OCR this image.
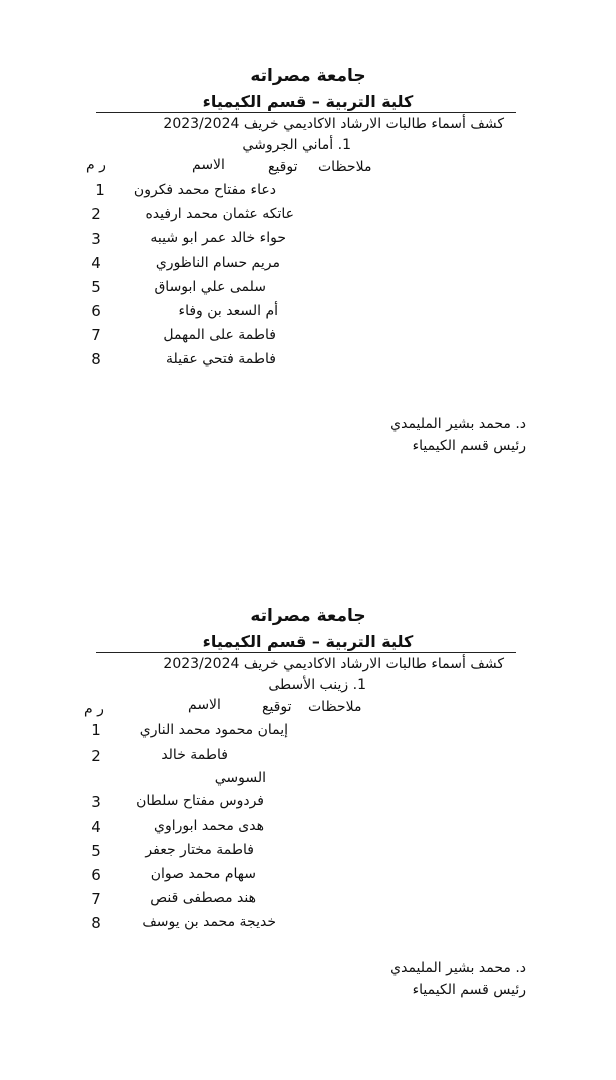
جامعة مصراته
كلية التربية – قسم الكيمياء
كشف أسماء طالبات الارشاد الاكاديمي خريف 2023/2024
1. أماني الجروشي
ملاحظات
توقيع
الاسم
ر م
دعاء مفتاح محمد فكرون
1
عاتكه عثمان محمد ارفيده
2
حواء خالد عمر ابو شيبه
3
مريم حسام الناظوري
4
سلمى علي ابوساق
5
أم السعد بن وفاء
6
فاطمة على المهمل
7
فاطمة فتحي عقيلة
8
د. محمد بشير المليمدي
رئيس قسم الكيمياء
جامعة مصراته
كلية التربية – قسم الكيمياء
كشف أسماء طالبات الارشاد الاكاديمي خريف 2023/2024
1. زينب الأسطى
ملاحظات
توقيع
الاسم
ر م
إيمان محمود محمد الناري
1
فاطمة خالد
2
السوسي
فردوس مفتاح سلطان
3
هدى محمد ابوراوي
4
فاطمة مختار جعفر
5
سهام محمد صوان
6
هند مصطفى قنص
7
خديجة محمد بن يوسف
8
د. محمد بشير المليمدي
رئيس قسم الكيمياء
